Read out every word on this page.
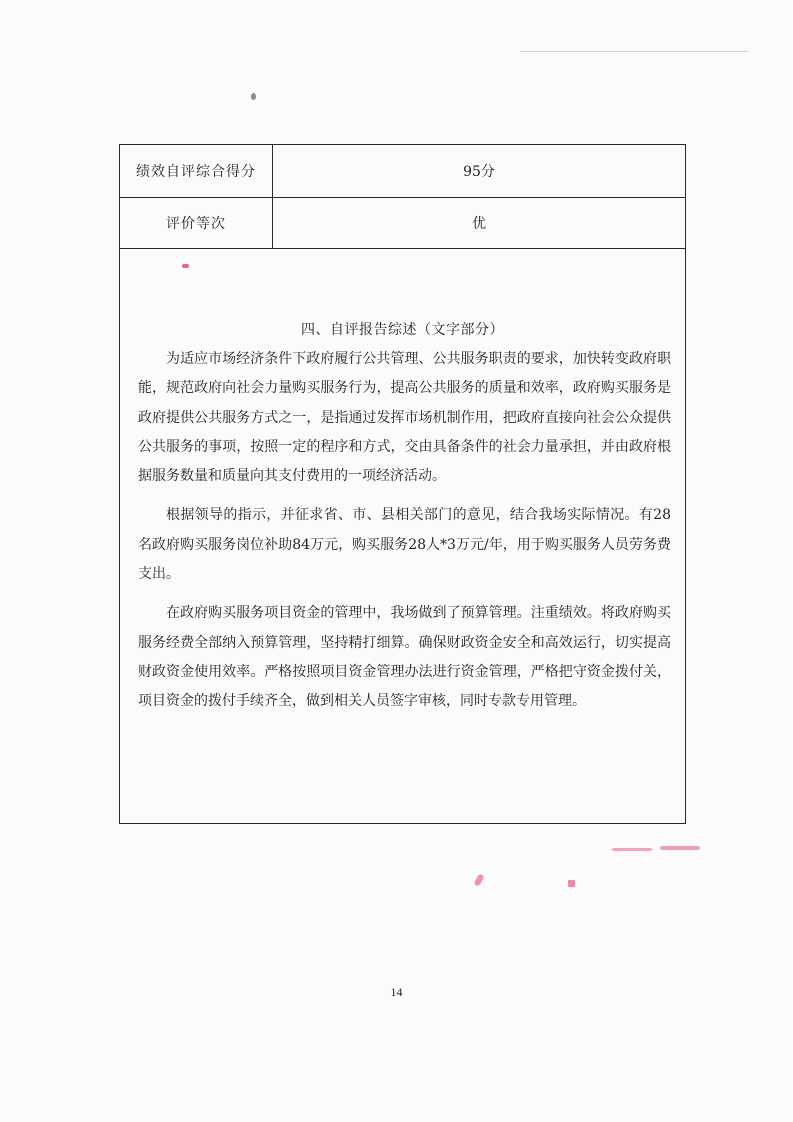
绩效自评综合得分	95分
评价等次	优
四、自评报告综述（文字部分）

为适应市场经济条件下政府履行公共管理、公共服务职责的要求，加快转变政府职能，规范政府向社会力量购买服务行为，提高公共服务的质量和效率，政府购买服务是政府提供公共服务方式之一，是指通过发挥市场机制作用，把政府直接向社会公众提供公共服务的事项，按照一定的程序和方式，交由具备条件的社会力量承担，并由政府根据服务数量和质量向其支付费用的一项经济活动。

根据领导的指示，并征求省、市、县相关部门的意见，结合我场实际情况。有28名政府购买服务岗位补助84万元，购买服务28人*3万元/年，用于购买服务人员劳务费支出。

在政府购买服务项目资金的管理中，我场做到了预算管理。注重绩效。将政府购买服务经费全部纳入预算管理，坚持精打细算。确保财政资金安全和高效运行，切实提高财政资金使用效率。严格按照项目资金管理办法进行资金管理，严格把守资金拨付关，项目资金的拨付手续齐全，做到相关人员签字审核，同时专款专用管理。

14
